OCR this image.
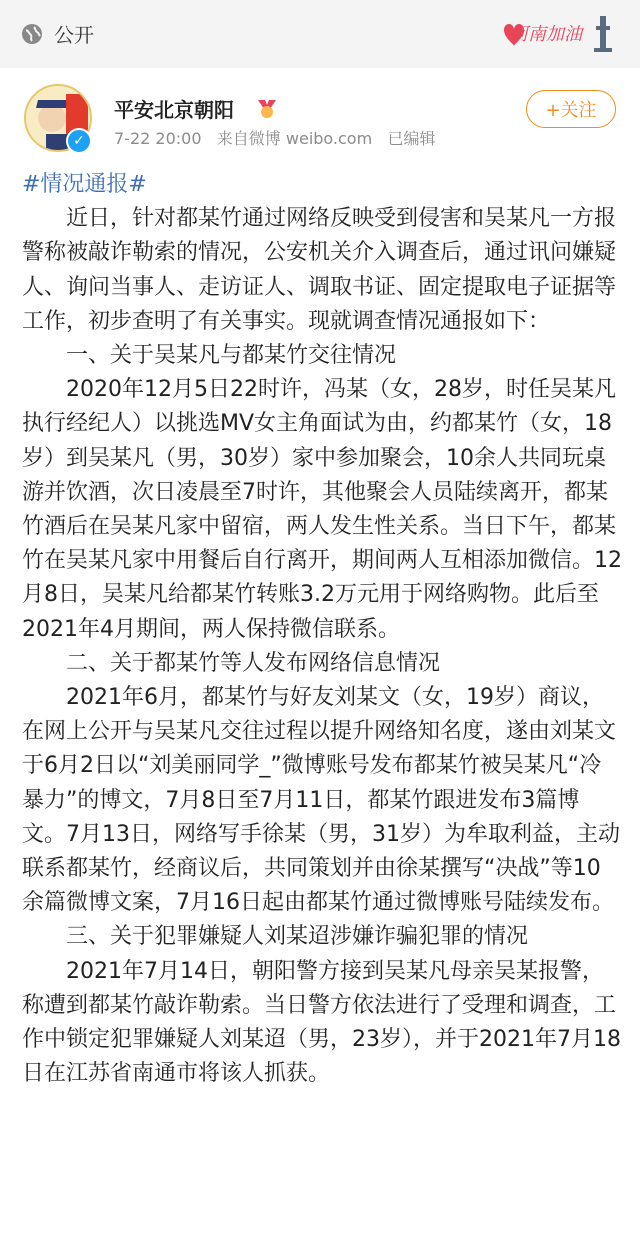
公开	河南加油
✓
平安北京朝阳
7-22 20:00 来自微博 weibo.com 已编辑
+关注

#情况通报#

近日，针对都某竹通过网络反映受到侵害和吴某凡一方报警称被敲诈勒索的情况，公安机关介入调查后，通过讯问嫌疑人、询问当事人、走访证人、调取书证、固定提取电子证据等工作，初步查明了有关事实。现就调查情况通报如下：

一、关于吴某凡与都某竹交往情况

2020年12月5日22时许，冯某（女，28岁，时任吴某凡执行经纪人）以挑选MV女主角面试为由，约都某竹（女，18岁）到吴某凡（男，30岁）家中参加聚会，10余人共同玩桌游并饮酒，次日凌晨至7时许，其他聚会人员陆续离开，都某竹酒后在吴某凡家中留宿，两人发生性关系。当日下午，都某竹在吴某凡家中用餐后自行离开，期间两人互相添加微信。12月8日，吴某凡给都某竹转账3.2万元用于网络购物。此后至2021年4月期间，两人保持微信联系。

二、关于都某竹等人发布网络信息情况

2021年6月，都某竹与好友刘某文（女，19岁）商议，在网上公开与吴某凡交往过程以提升网络知名度，遂由刘某文于6月2日以“刘美丽同学_”微博账号发布都某竹被吴某凡“冷暴力”的博文，7月8日至7月11日，都某竹跟进发布3篇博文。7月13日，网络写手徐某（男，31岁）为牟取利益，主动联系都某竹，经商议后，共同策划并由徐某撰写“决战”等10余篇微博文案，7月16日起由都某竹通过微博账号陆续发布。

三、关于犯罪嫌疑人刘某迢涉嫌诈骗犯罪的情况

2021年7月14日，朝阳警方接到吴某凡母亲吴某报警，称遭到都某竹敲诈勒索。当日警方依法进行了受理和调查，工作中锁定犯罪嫌疑人刘某迢（男，23岁），并于2021年7月18日在江苏省南通市将该人抓获。
